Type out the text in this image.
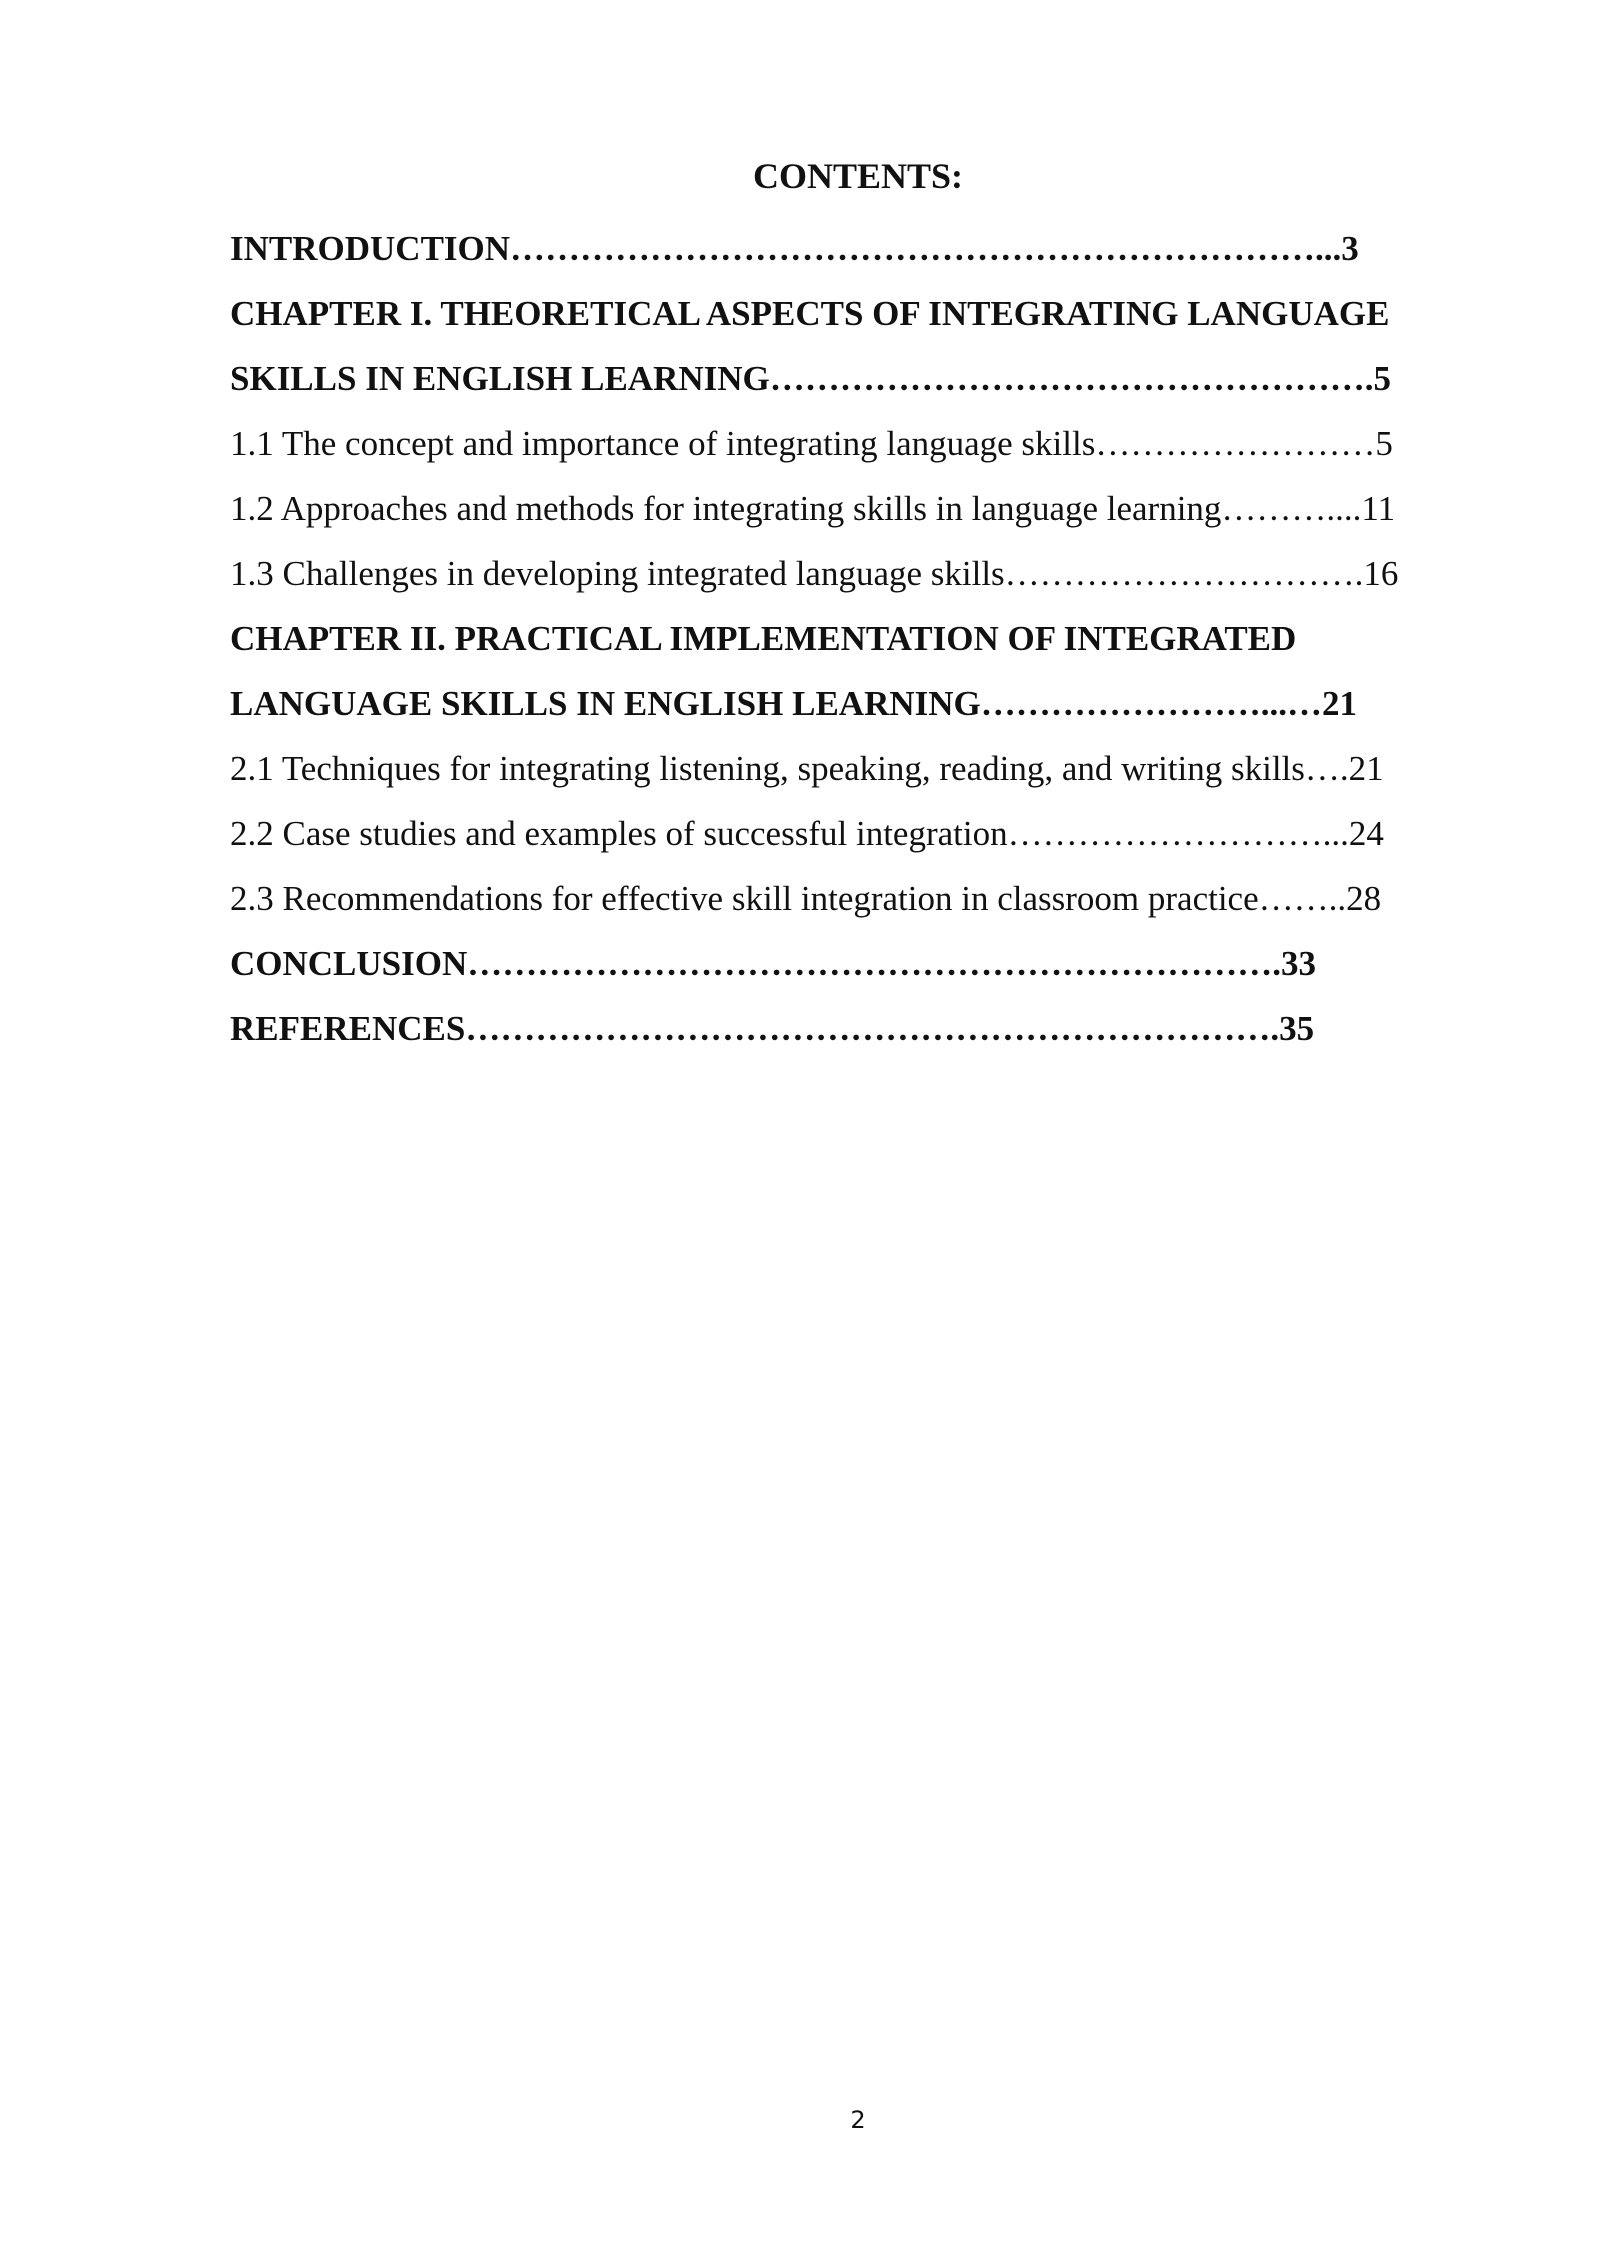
CONTENTS:
INTRODUCTION……………………………………………………………...3
CHAPTER I. THEORETICAL ASPECTS OF INTEGRATING LANGUAGE
SKILLS IN ENGLISH LEARNING…………………………………………….5
1.1 The concept and importance of integrating language skills……………………5
1.2 Approaches and methods for integrating skills in language learning………....11
1.3 Challenges in developing integrated language skills………………………….16
CHAPTER II. PRACTICAL IMPLEMENTATION OF INTEGRATED
LANGUAGE SKILLS IN ENGLISH LEARNING……………………...…21
2.1 Techniques for integrating listening, speaking, reading, and writing skills….21
2.2 Case studies and examples of successful integration………………………...24
2.3 Recommendations for effective skill integration in classroom practice……..28
CONCLUSION…………………………………………………………….33
REFERENCES…………………………………………………………….35
2
